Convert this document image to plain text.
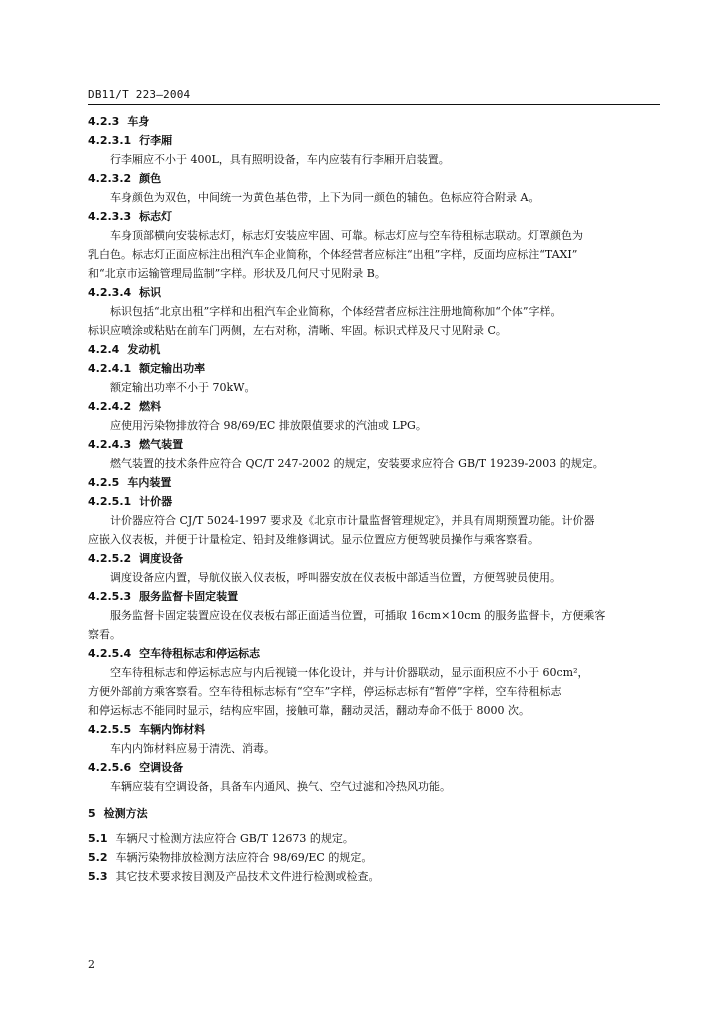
DB11/T 223—2004
4.2.3 车身
4.2.3.1 行李厢
行李厢应不小于 400L，具有照明设备，车内应装有行李厢开启装置。
4.2.3.2 颜色
车身颜色为双色，中间统一为黄色基色带，上下为同一颜色的辅色。色标应符合附录 A。
4.2.3.3 标志灯
车身顶部横向安装标志灯，标志灯安装应牢固、可靠。标志灯应与空车待租标志联动。灯罩颜色为
乳白色。标志灯正面应标注出租汽车企业简称，个体经营者应标注“出租”字样，反面均应标注“TAXI”
和“北京市运输管理局监制”字样。形状及几何尺寸见附录 B。
4.2.3.4 标识
标识包括“北京出租”字样和出租汽车企业简称，个体经营者应标注注册地简称加“个体”字样。
标识应喷涂或粘贴在前车门两侧，左右对称，清晰、牢固。标识式样及尺寸见附录 C。
4.2.4 发动机
4.2.4.1 额定输出功率
额定输出功率不小于 70kW。
4.2.4.2 燃料
应使用污染物排放符合 98/69/EC 排放限值要求的汽油或 LPG。
4.2.4.3 燃气装置
燃气装置的技术条件应符合 QC/T 247-2002 的规定，安装要求应符合 GB/T 19239-2003 的规定。
4.2.5 车内装置
4.2.5.1 计价器
计价器应符合 CJ/T 5024-1997 要求及《北京市计量监督管理规定》，并具有周期预置功能。计价器
应嵌入仪表板，并便于计量检定、铅封及维修调试。显示位置应方便驾驶员操作与乘客察看。
4.2.5.2 调度设备
调度设备应内置，导航仪嵌入仪表板，呼叫器安放在仪表板中部适当位置，方便驾驶员使用。
4.2.5.3 服务监督卡固定装置
服务监督卡固定装置应设在仪表板右部正面适当位置，可插取 16cm×10cm 的服务监督卡，方便乘客
察看。
4.2.5.4 空车待租标志和停运标志
空车待租标志和停运标志应与内后视镜一体化设计，并与计价器联动，显示面积应不小于 60cm²，
方便外部前方乘客察看。空车待租标志标有“空车”字样，停运标志标有“暂停”字样，空车待租标志
和停运标志不能同时显示，结构应牢固，接触可靠，翻动灵活，翻动寿命不低于 8000 次。
4.2.5.5 车辆内饰材料
车内内饰材料应易于清洗、消毒。
4.2.5.6 空调设备
车辆应装有空调设备，具备车内通风、换气、空气过滤和冷热风功能。
5 检测方法
5.1 车辆尺寸检测方法应符合 GB/T 12673 的规定。
5.2 车辆污染物排放检测方法应符合 98/69/EC 的规定。
5.3 其它技术要求按目测及产品技术文件进行检测或检查。
2
